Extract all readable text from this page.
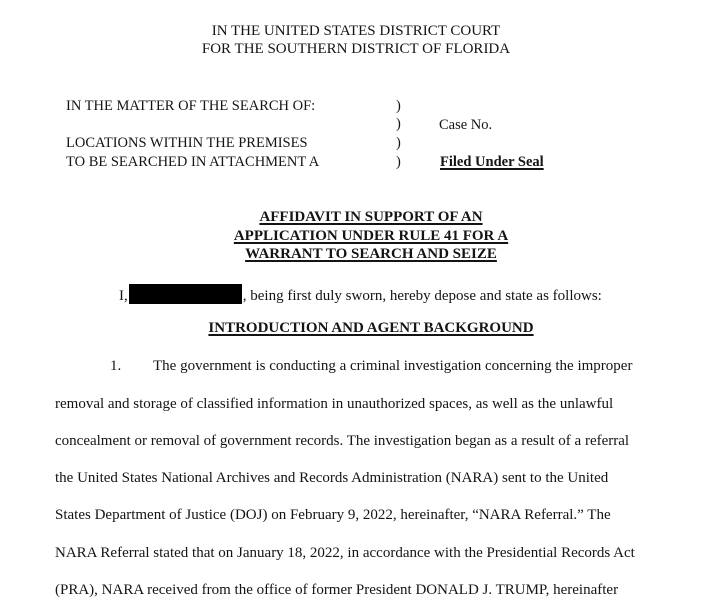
IN THE UNITED STATES DISTRICT COURT
FOR THE SOUTHERN DISTRICT OF FLORIDA
IN THE MATTER OF THE SEARCH OF:
LOCATIONS WITHIN THE PREMISES
TO BE SEARCHED IN ATTACHMENT A
)
)
)
)
Case No.
Filed Under Seal
AFFIDAVIT IN SUPPORT OF AN
APPLICATION UNDER RULE 41 FOR A
WARRANT TO SEARCH AND SEIZE
I,	, being first duly sworn, hereby depose and state as follows:
INTRODUCTION AND AGENT BACKGROUND
1. The government is conducting a criminal investigation concerning the improper
removal and storage of classified information in unauthorized spaces, as well as the unlawful
concealment or removal of government records. The investigation began as a result of a referral
the United States National Archives and Records Administration (NARA) sent to the United
States Department of Justice (DOJ) on February 9, 2022, hereinafter, “NARA Referral.” The
NARA Referral stated that on January 18, 2022, in accordance with the Presidential Records Act
(PRA), NARA received from the office of former President DONALD J. TRUMP, hereinafter
